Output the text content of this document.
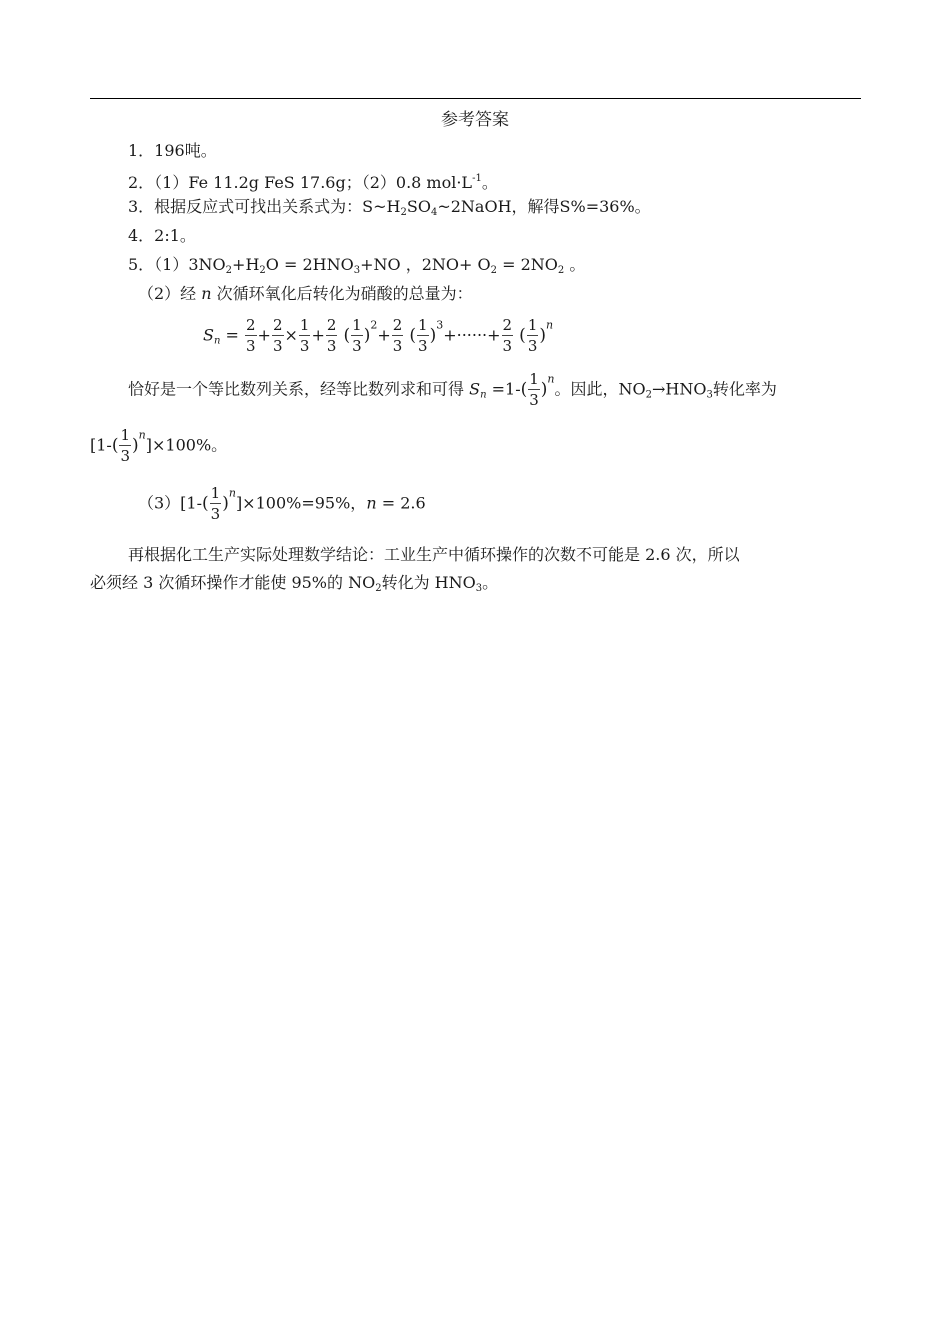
参考答案
1．196吨。
2．（1）Fe 11.2g FeS 17.6g；（2）0.8 $mol\cdot L^{-1}$。
3．根据反应式可找出关系式为：$S\sim H_2SO_4\sim 2NaOH$，解得S%=36%。
4．2:1。
5．$(1)3NO_2+H_2O = 2HNO_3+NO$ ，$2NO+ O_2 = 2NO_2$ 。
（2）经 n 次循环氧化后转化为硝酸的总量为：
$S_n = \frac{2}{3} + \frac{2}{3} \times \frac{1}{3} + \frac{2}{3}$ ( $\frac{1}{3} )^2+ \frac{2}{3}$ ( $\frac{1}{3} )^3+\cdot\cdot\cdot\cdot\cdot\cdot+ \frac{2}{3}$ ( $\frac{1}{3} )^n$
恰好是一个等比数列关系，经等比数列求和可得 $S_n =1-( \frac{1}{3} )^n$。因此，$NO_2\to HNO_3$转化率为
$[1-( \frac{1}{3} )^n]\times 100\%$。
$(3)[1-( \frac{1}{3} )^n]\times 100\%=95\%$，n = 2.6
再根据化工生产实际处理数学结论：工业生产中循环操作的次数不可能是 2.6 次，所以
必须经 3 次循环操作才能使 95%的 $NO_2$转化为 $HNO_3$。
